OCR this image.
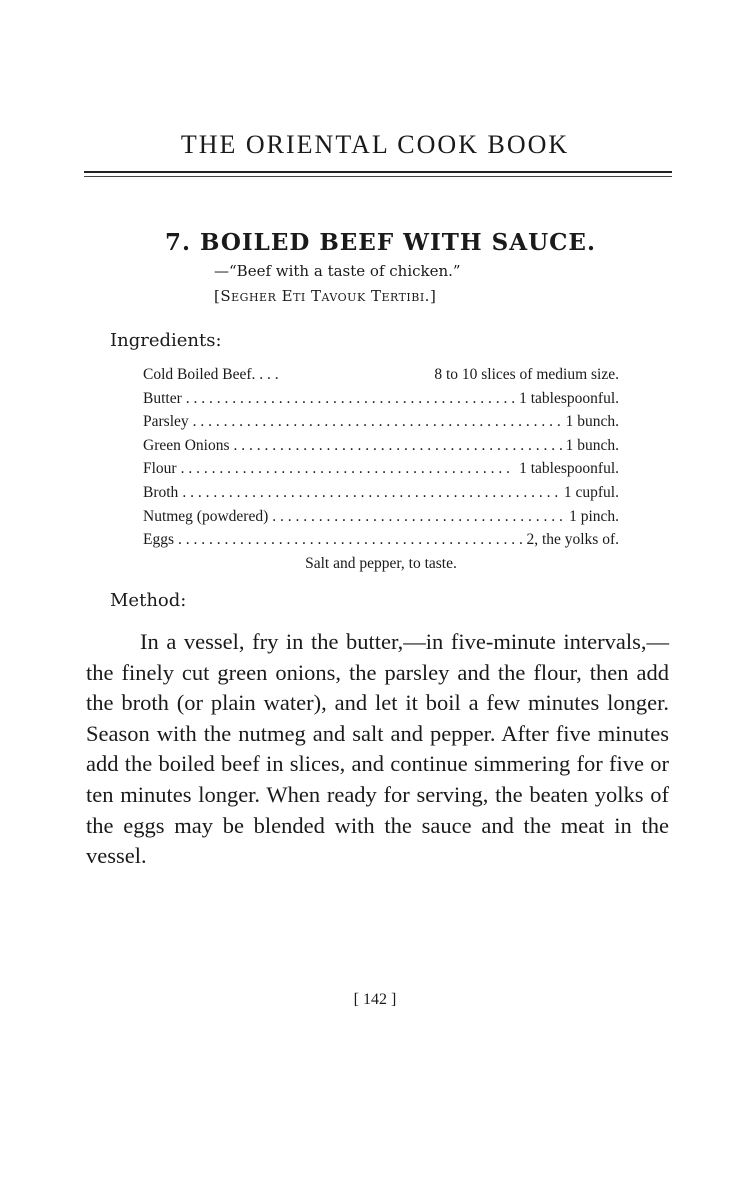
THE ORIENTAL COOK BOOK
7. BOILED BEEF WITH SAUCE.
—“Beef with a taste of chicken.”
[Segher Eti Tavouk Tertibi.]
Ingredients:
Cold Boiled Beef. . . .	8 to 10 slices of medium size.
Butter . . .	1 tablespoonful.
Parsley . . .	1 bunch.
Green Onions . . .	1 bunch.
Flour . . .	1 tablespoonful.
Broth . . .	1 cupful.
Nutmeg (powdered) . . .	1 pinch.
Eggs . . .	2, the yolks of.
Salt and pepper, to taste.
Method:
In a vessel, fry in the butter,—in five-minute intervals,—the finely cut green onions, the parsley and the flour, then add the broth (or plain water), and let it boil a few minutes longer. Season with the nutmeg and salt and pepper. After five minutes add the boiled beef in slices, and continue simmering for five or ten minutes longer. When ready for serving, the beaten yolks of the eggs may be blended with the sauce and the meat in the vessel.
[ 142 ]
